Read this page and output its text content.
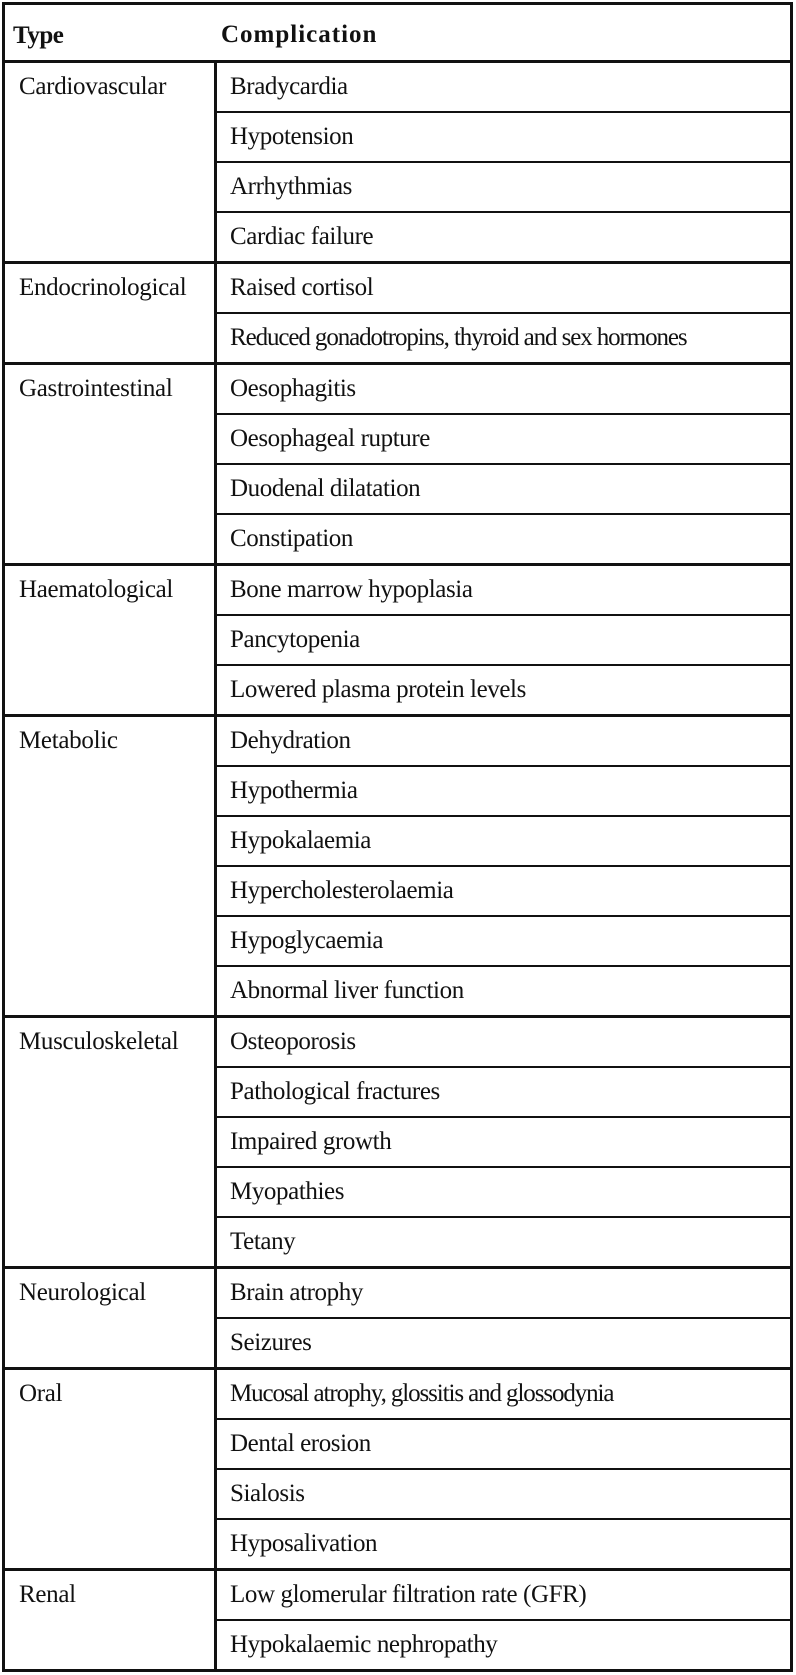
Type	Complication
Cardiovascular	Bradycardia
Hypotension
Arrhythmias
Cardiac failure
Endocrinological	Raised cortisol
Reduced gonadotropins, thyroid and sex hormones
Gastrointestinal	Oesophagitis
Oesophageal rupture
Duodenal dilatation
Constipation
Haematological	Bone marrow hypoplasia
Pancytopenia
Lowered plasma protein levels
Metabolic	Dehydration
Hypothermia
Hypokalaemia
Hypercholesterolaemia
Hypoglycaemia
Abnormal liver function
Musculoskeletal	Osteoporosis
Pathological fractures
Impaired growth
Myopathies
Tetany
Neurological	Brain atrophy
Seizures
Oral	Mucosal atrophy, glossitis and glossodynia
Dental erosion
Sialosis
Hyposalivation
Renal	Low glomerular filtration rate (GFR)
Hypokalaemic nephropathy
